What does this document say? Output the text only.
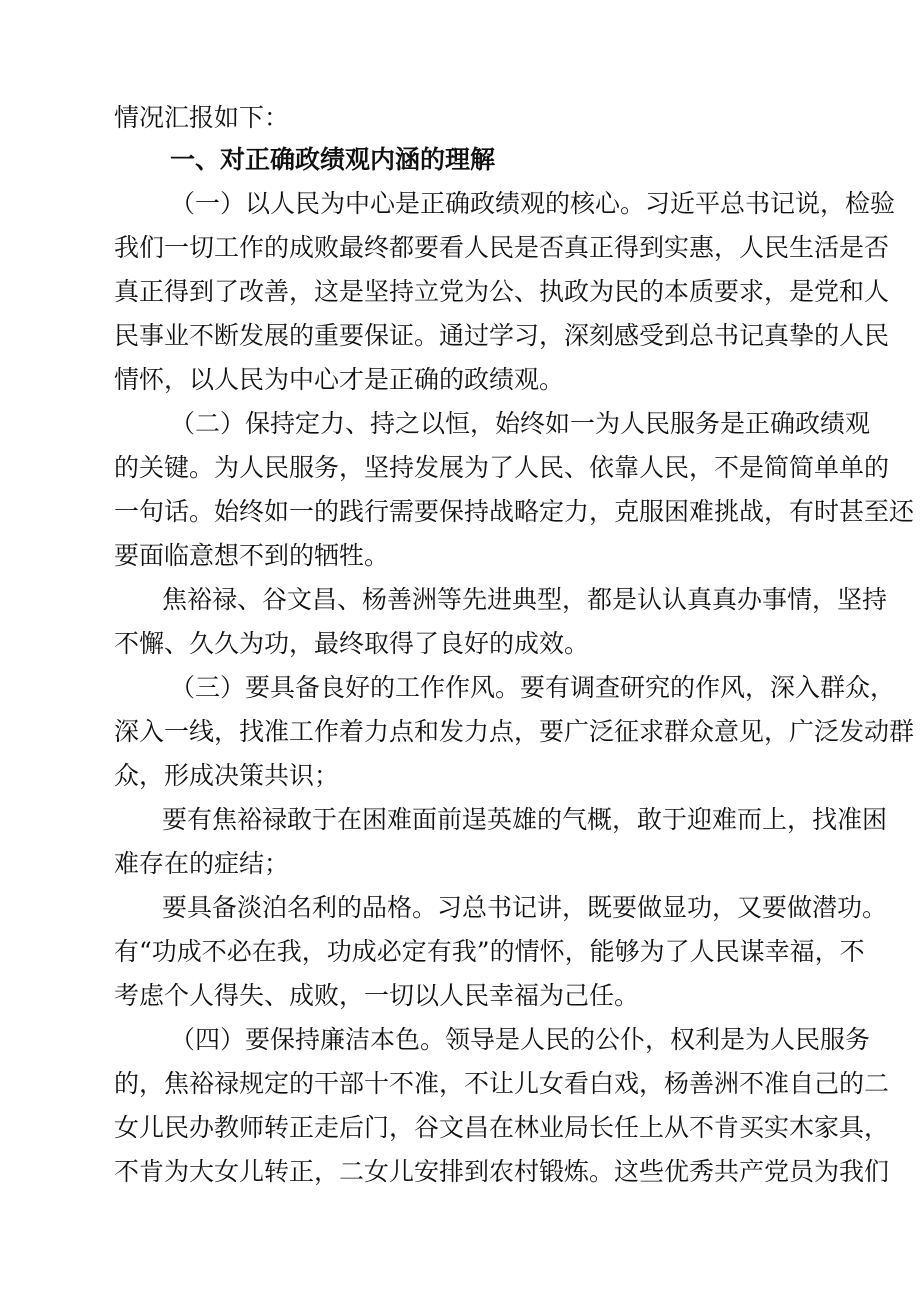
情况汇报如下：
一、对正确政绩观内涵的理解
（一）以人民为中心是正确政绩观的核心。习近平总书记说，检验
我们一切工作的成败最终都要看人民是否真正得到实惠，人民生活是否
真正得到了改善，这是坚持立党为公、执政为民的本质要求，是党和人
民事业不断发展的重要保证。通过学习，深刻感受到总书记真挚的人民
情怀，以人民为中心才是正确的政绩观。
（二）保持定力、持之以恒，始终如一为人民服务是正确政绩观
的关键。为人民服务，坚持发展为了人民、依靠人民，不是简简单单的
一句话。始终如一的践行需要保持战略定力，克服困难挑战，有时甚至还
要面临意想不到的牺牲。
焦裕禄、谷文昌、杨善洲等先进典型，都是认认真真办事情，坚持
不懈、久久为功，最终取得了良好的成效。
（三）要具备良好的工作作风。要有调查研究的作风，深入群众，
深入一线，找准工作着力点和发力点，要广泛征求群众意见，广泛发动群
众，形成决策共识；
要有焦裕禄敢于在困难面前逞英雄的气概，敢于迎难而上，找准困
难存在的症结；
要具备淡泊名利的品格。习总书记讲，既要做显功，又要做潜功。
有“功成不必在我，功成必定有我”的情怀，能够为了人民谋幸福，不
考虑个人得失、成败，一切以人民幸福为己任。
（四）要保持廉洁本色。领导是人民的公仆，权利是为人民服务
的，焦裕禄规定的干部十不准，不让儿女看白戏，杨善洲不准自己的二
女儿民办教师转正走后门，谷文昌在林业局长任上从不肯买实木家具，
不肯为大女儿转正，二女儿安排到农村锻炼。这些优秀共产党员为我们
